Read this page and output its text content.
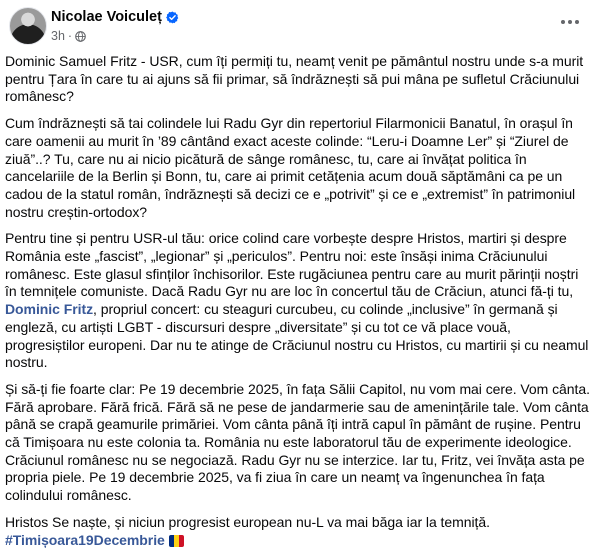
Nicolae Voiculeț
3h ·

Dominic Samuel Fritz - USR, cum îți permiți tu, neamț venit pe pământul nostru unde s-a murit pentru Țara în care tu ai ajuns să fii primar, să îndrăznești să pui mâna pe sufletul Crăciunului românesc?

Cum îndrăznești să tai colindele lui Radu Gyr din repertoriul Filarmonicii Banatul, în orașul în care oamenii au murit în ’89 cântând exact aceste colinde: “Leru-i Doamne Ler” și “Ziurel de ziuă”..? Tu, care nu ai nicio picătură de sânge românesc, tu, care ai învățat politica în cancelariile de la Berlin și Bonn, tu, care ai primit cetățenia acum două săptămâni ca pe un cadou de la statul român, îndrăznești să decizi ce e „potrivit” și ce e „extremist” în patrimoniul nostru creștin-ortodox?

Pentru tine și pentru USR-ul tău: orice colind care vorbește despre Hristos, martiri și despre România este „fascist”, „legionar” și „periculos”. Pentru noi: este însăși inima Crăciunului românesc. Este glasul sfinților închisorilor. Este rugăciunea pentru care au murit părinții noștri în temnițele comuniste. Dacă Radu Gyr nu are loc în concertul tău de Crăciun, atunci fă-ți tu, Dominic Fritz, propriul concert: cu steaguri curcubeu, cu colinde „inclusive” în germană și engleză, cu artiști LGBT - discursuri despre „diversitate” și cu tot ce vă place vouă, progresiștilor europeni. Dar nu te atinge de Crăciunul nostru cu Hristos, cu martirii și cu neamul nostru.

Și să-ți fie foarte clar: Pe 19 decembrie 2025, în fața Sălii Capitol, nu vom mai cere. Vom cânta. Fără aprobare. Fără frică. Fără să ne pese de jandarmerie sau de amenințările tale. Vom cânta până se crapă geamurile primăriei. Vom cânta până îți intră capul în pământ de rușine. Pentru că Timișoara nu este colonia ta. România nu este laboratorul tău de experimente ideologice. Crăciunul românesc nu se negociază. Radu Gyr nu se interzice. Iar tu, Fritz, vei învăța asta pe propria piele. Pe 19 decembrie 2025, va fi ziua în care un neamț va îngenunchea în fața colindului românesc.

Hristos Se naște, și niciun progresist european nu-L va mai băga iar la temniță.
#Timișoara19Decembrie
